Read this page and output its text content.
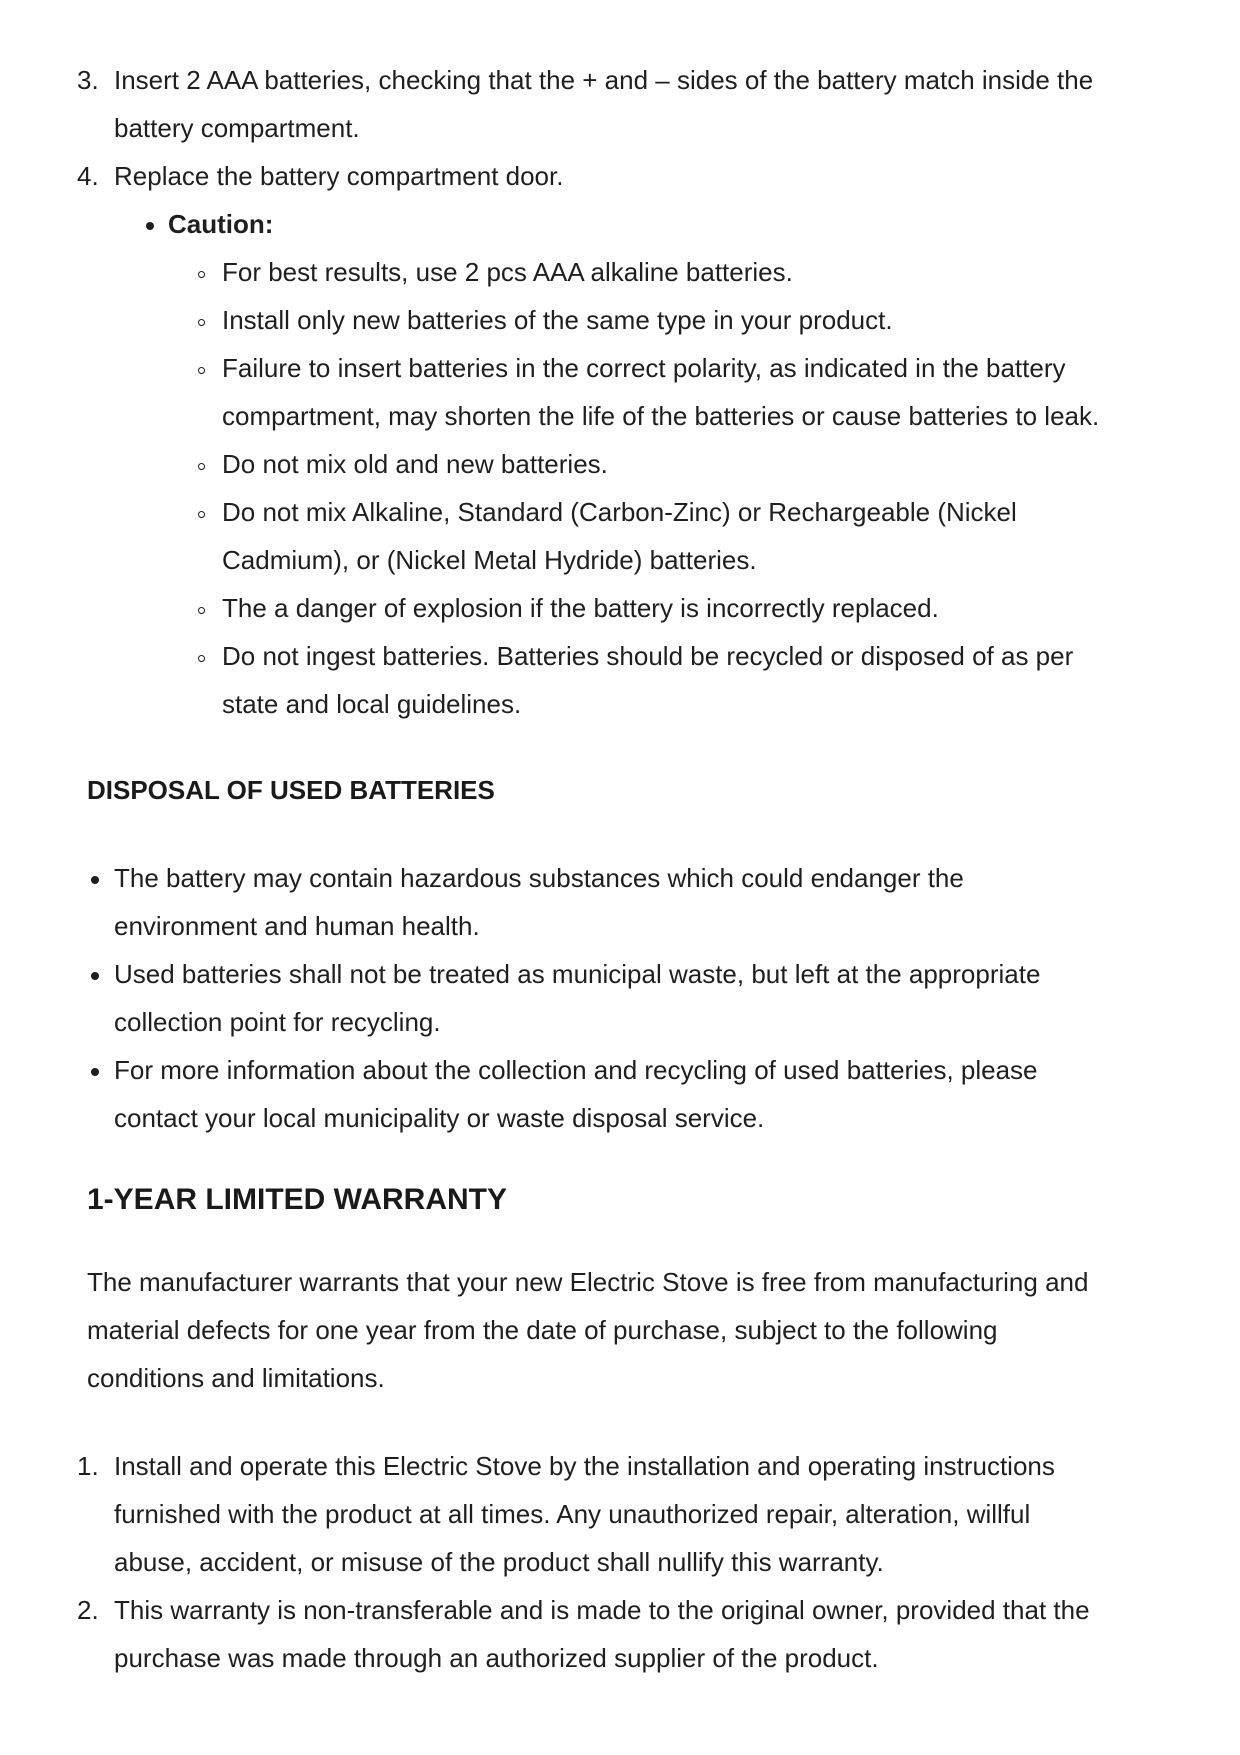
3. Insert 2 AAA batteries, checking that the + and – sides of the battery match inside the
battery compartment.
4. Replace the battery compartment door.
Caution:
For best results, use 2 pcs AAA alkaline batteries.
Install only new batteries of the same type in your product.
Failure to insert batteries in the correct polarity, as indicated in the battery
compartment, may shorten the life of the batteries or cause batteries to leak.
Do not mix old and new batteries.
Do not mix Alkaline, Standard (Carbon-Zinc) or Rechargeable (Nickel
Cadmium), or (Nickel Metal Hydride) batteries.
The a danger of explosion if the battery is incorrectly replaced.
Do not ingest batteries. Batteries should be recycled or disposed of as per
state and local guidelines.
DISPOSAL OF USED BATTERIES
The battery may contain hazardous substances which could endanger the
environment and human health.
Used batteries shall not be treated as municipal waste, but left at the appropriate
collection point for recycling.
For more information about the collection and recycling of used batteries, please
contact your local municipality or waste disposal service.
1-YEAR LIMITED WARRANTY
The manufacturer warrants that your new Electric Stove is free from manufacturing and
material defects for one year from the date of purchase, subject to the following
conditions and limitations.
1. Install and operate this Electric Stove by the installation and operating instructions
furnished with the product at all times. Any unauthorized repair, alteration, willful
abuse, accident, or misuse of the product shall nullify this warranty.
2. This warranty is non-transferable and is made to the original owner, provided that the
purchase was made through an authorized supplier of the product.
